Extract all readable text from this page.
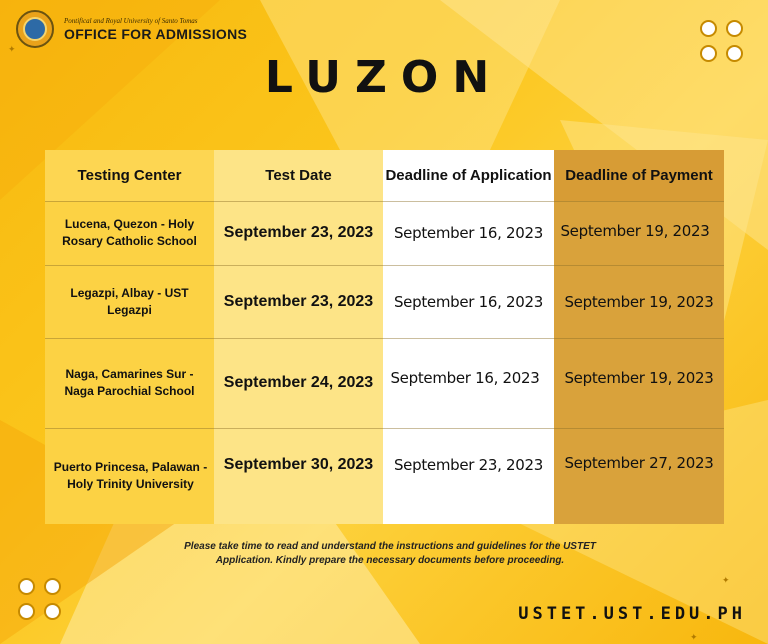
Pontifical and Royal University of Santo Tomas
OFFICE FOR ADMISSIONS
LUZON
Testing Center
Lucena, Quezon - Holy Rosary Catholic School
Legazpi, Albay - UST Legazpi
Naga, Camarines Sur - Naga Parochial School
Puerto Princesa, Palawan - Holy Trinity University
Test Date
September 23, 2023
September 23, 2023
September 24, 2023
September 30, 2023
Deadline of Application
September 16, 2023
September 16, 2023
September 16, 2023
September 23, 2023
Deadline of Payment
September 19, 2023
September 19, 2023
September 19, 2023
September 27, 2023
Please take time to read and understand the instructions and guidelines for the USTET Application. Kindly prepare the necessary documents before proceeding.
✦
✦
✦
USTET.UST.EDU.PH
